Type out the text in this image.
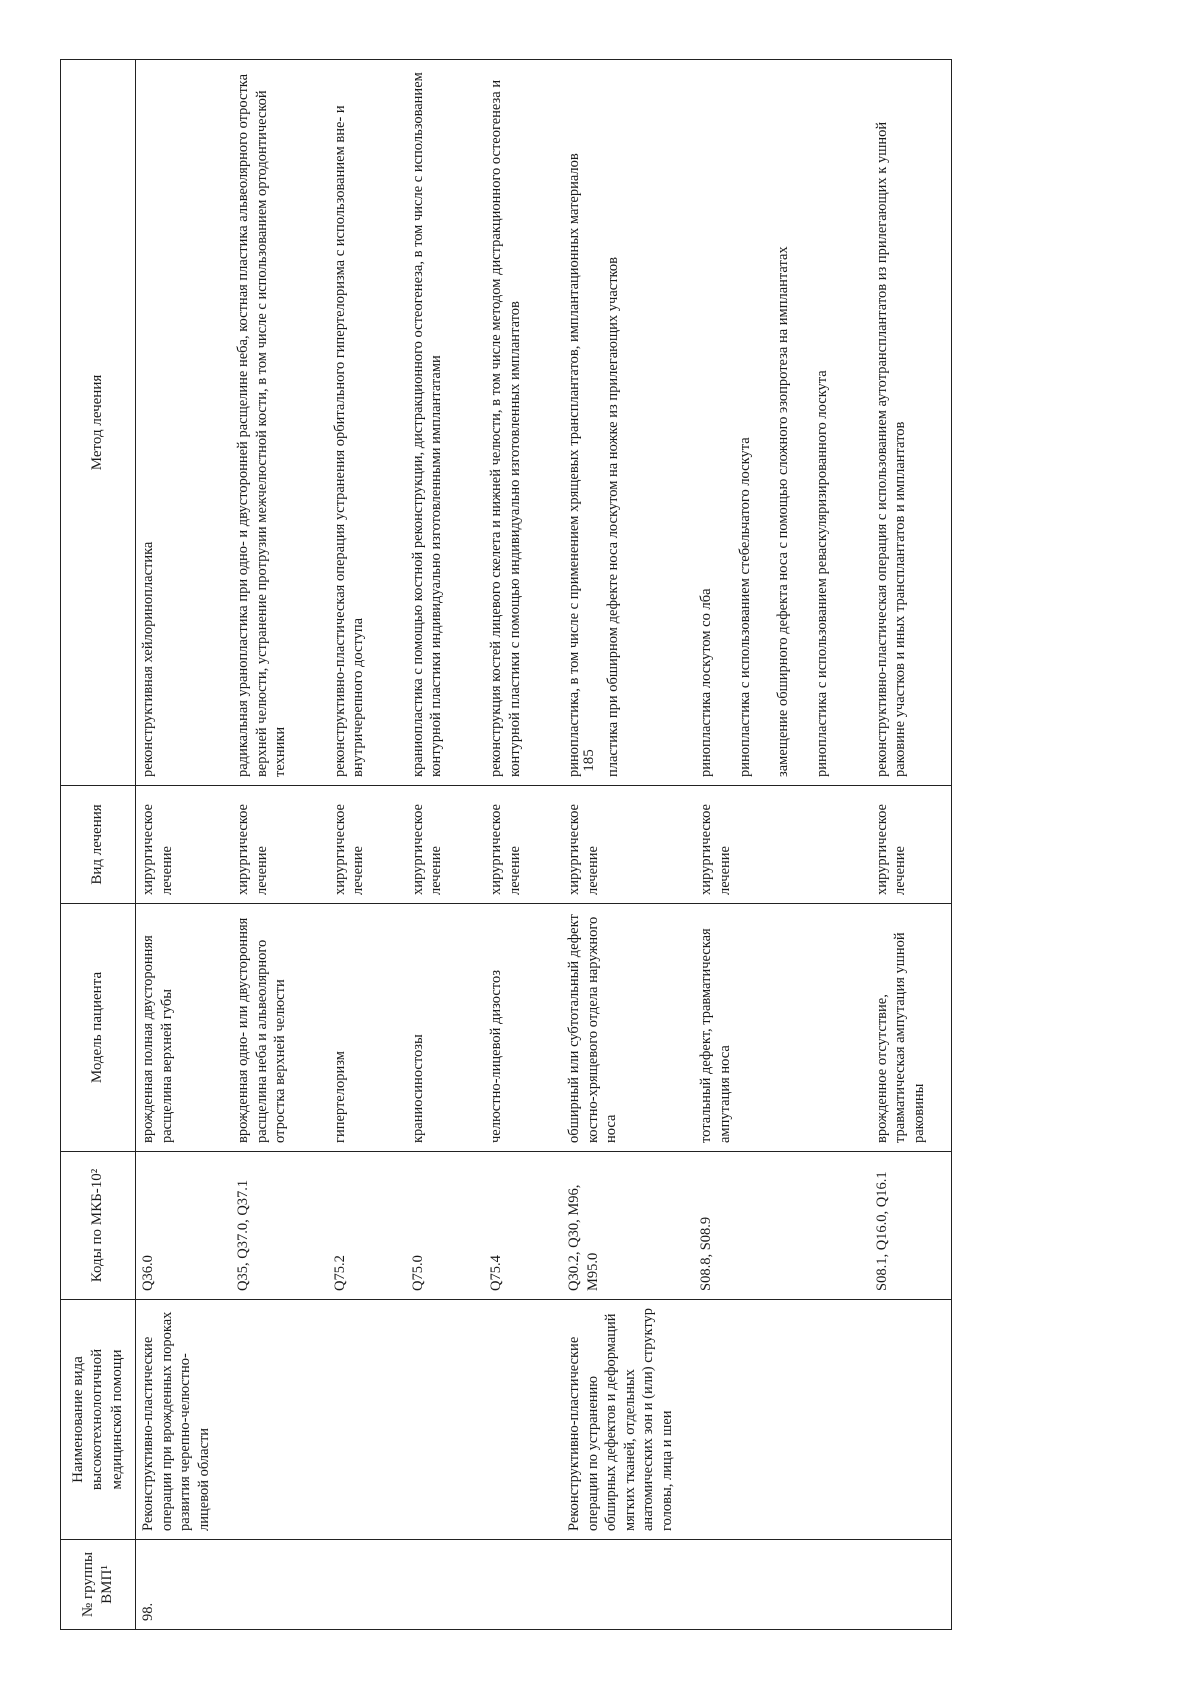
185
№ группы ВМП¹	Наименование вида высокотехнологичной медицинской помощи	Коды по МКБ-10²	Модель пациента	Вид лечения	Метод лечения
98.	Реконструктивно-пластические операции при врожденных пороках развития черепно-челюстно-лицевой области	Q36.0	врожденная полная двусторонняя расщелина верхней губы	хирургическое лечение	реконструктивная хейлоринопластика

		Q35, Q37.0, Q37.1	врожденная одно- или двусторонняя расщелина неба и альвеолярного отростка верхней челюсти	хирургическое лечение	радикальная уранопластика при одно- и двусторонней расщелине неба, костная пластика альвеолярного отростка верхней челюсти, устранение протрузии межчелюстной кости, в том числе с использованием ортодонтической техники

		Q75.2	гипертелоризм	хирургическое лечение	реконструктивно-пластическая операция устранения орбитального гипертелоризма с использованием вне- и внутричерепного доступа

		Q75.0	краниосиностозы	хирургическое лечение	краниопластика с помощью костной реконструкции, дистракционного остеогенеза, в том числе с использованием контурной пластики индивидуально изготовленными имплантатами

		Q75.4	челюстно-лицевой дизостоз	хирургическое лечение	реконструкция костей лицевого скелета и нижней челюсти, в том числе методом дистракционного остеогенеза и контурной пластики с помощью индивидуально изготовленных имплантатов

	Реконструктивно-пластические операции по устранению обширных дефектов и деформаций мягких тканей, отдельных анатомических зон и (или) структур головы, лица и шеи	Q30.2, Q30, M96, M95.0	обширный или субтотальный дефект костно-хрящевого отдела наружного носа	хирургическое лечение	ринопластика, в том числе с применением хрящевых трансплантатов, имплантационных материалов пластика при обширном дефекте носа лоскутом на ножке из прилегающих участков

		S08.8, S08.9	тотальный дефект, травматическая ампутация носа	хирургическое лечение	ринопластика лоскутом со лба ринопластика с использованием стебельчатого лоскута замещение обширного дефекта носа с помощью сложного эзопротеза на имплантатах ринопластика с использованием реваскуляризированного лоскута

		S08.1, Q16.0, Q16.1	врожденное отсутствие, травматическая ампутация ушной раковины	хирургическое лечение	реконструктивно-пластическая операция с использованием аутотрансплантатов из прилегающих к ушной раковине участков и иных трансплантатов и имплантатов
